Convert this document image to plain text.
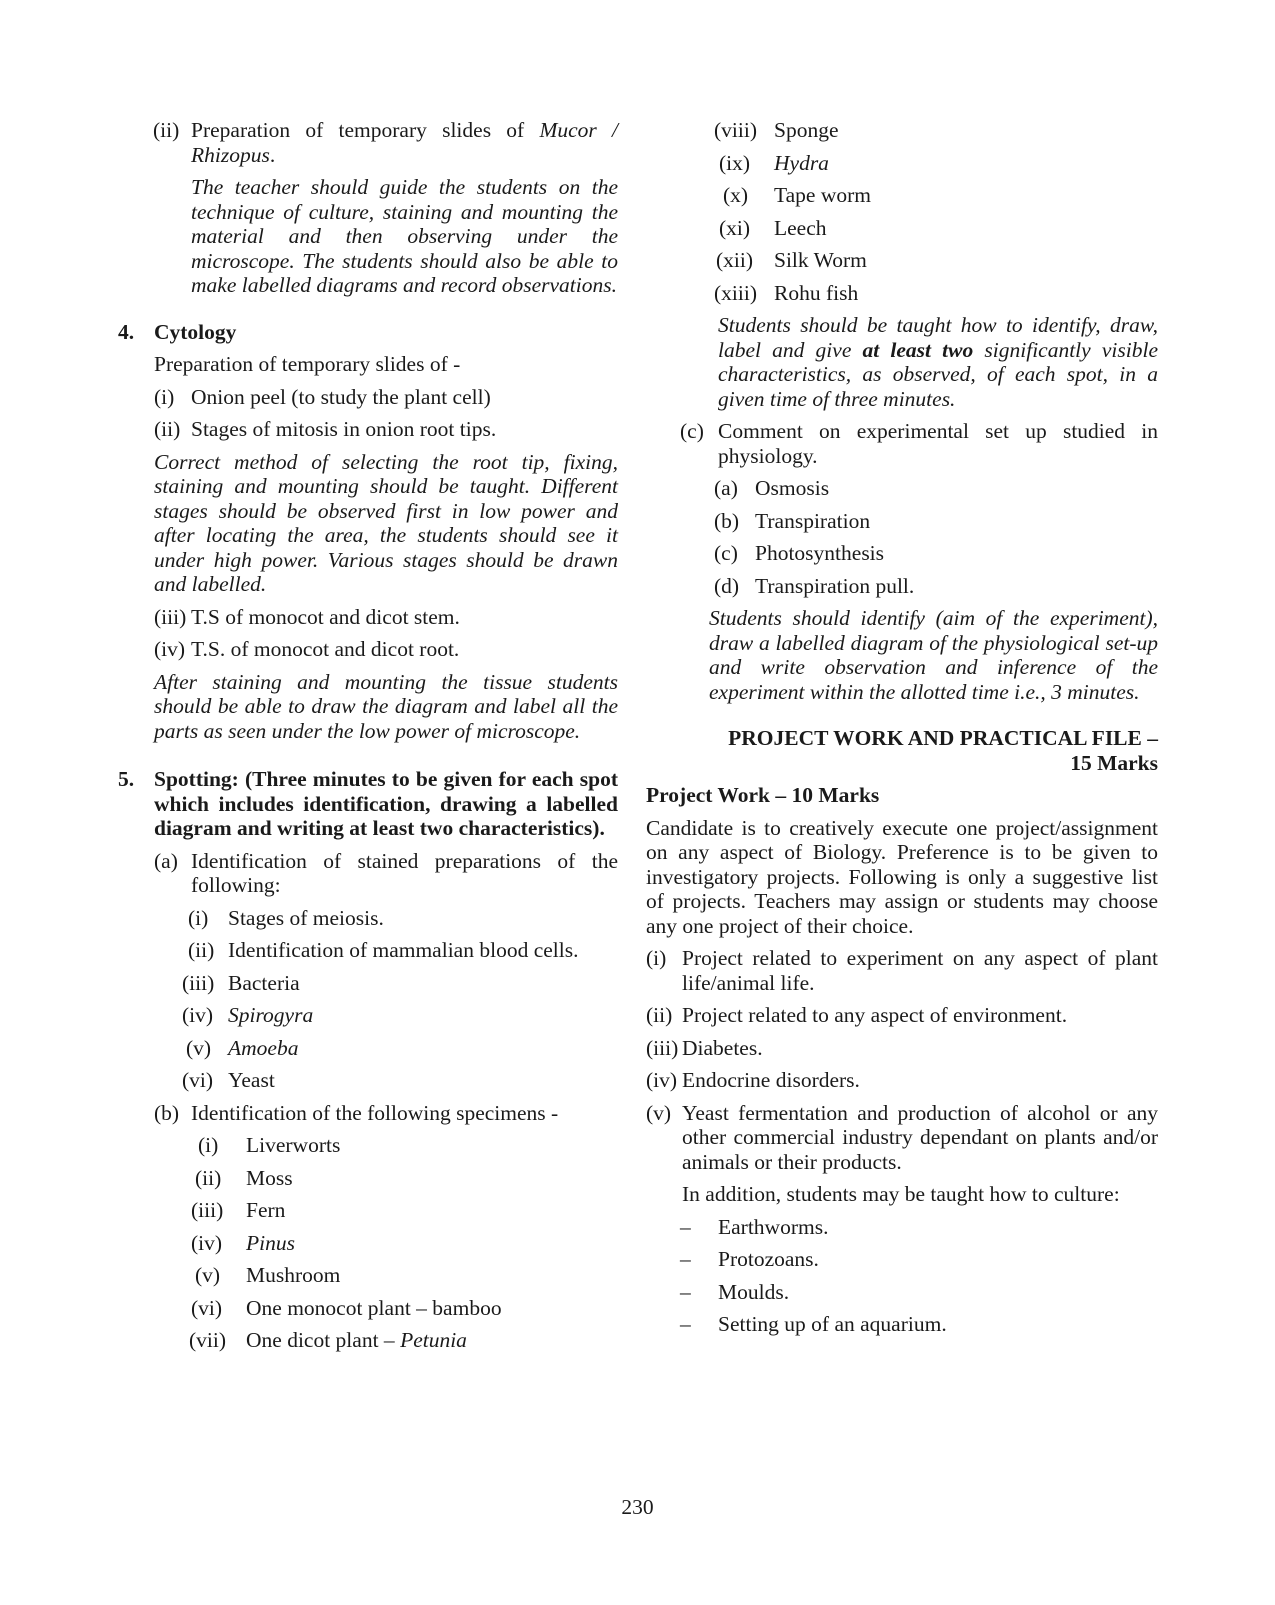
(ii) Preparation of temporary slides of Mucor / Rhizopus.
The teacher should guide the students on the technique of culture, staining and mounting the material and then observing under the microscope. The students should also be able to make labelled diagrams and record observations.
4. Cytology
Preparation of temporary slides of -
(i) Onion peel (to study the plant cell)
(ii) Stages of mitosis in onion root tips.
Correct method of selecting the root tip, fixing, staining and mounting should be taught. Different stages should be observed first in low power and after locating the area, the students should see it under high power. Various stages should be drawn and labelled.
(iii) T.S of monocot and dicot stem.
(iv) T.S. of monocot and dicot root.
After staining and mounting the tissue students should be able to draw the diagram and label all the parts as seen under the low power of microscope.
5. Spotting: (Three minutes to be given for each spot which includes identification, drawing a labelled diagram and writing at least two characteristics).
(a) Identification of stained preparations of the following:
(i) Stages of meiosis.
(ii) Identification of mammalian blood cells.
(iii) Bacteria
(iv) Spirogyra
(v) Amoeba
(vi) Yeast
(b) Identification of the following specimens -
(i)	Liverworts
(ii)	Moss
(iii)	Fern
(iv)	Pinus
(v)	Mushroom
(vi)	One monocot plant – bamboo
(vii) One dicot plant – Petunia
(viii) Sponge
(ix)	Hydra
(x)	Tape worm
(xi)	Leech
(xii) Silk Worm
(xiii) Rohu fish
Students should be taught how to identify, draw, label and give at least two significantly visible characteristics, as observed, of each spot, in a given time of three minutes.
(c) Comment on experimental set up studied in physiology.
(a) Osmosis
(b) Transpiration
(c) Photosynthesis
(d) Transpiration pull.
Students should identify (aim of the experiment), draw a labelled diagram of the physiological set-up and write observation and inference of the experiment within the allotted time i.e., 3 minutes.
PROJECT WORK AND PRACTICAL FILE –
15 Marks
Project Work – 10 Marks
Candidate is to creatively execute one project/assignment on any aspect of Biology. Preference is to be given to investigatory projects. Following is only a suggestive list of projects. Teachers may assign or students may choose any one project of their choice.
(i) Project related to experiment on any aspect of plant life/animal life.
(ii) Project related to any aspect of environment.
(iii) Diabetes.
(iv) Endocrine disorders.
(v) Yeast fermentation and production of alcohol or any other commercial industry dependant on plants and/or animals or their products.
In addition, students may be taught how to culture:
–	Earthworms.
–	Protozoans.
–	Moulds.
–	Setting up of an aquarium.
230
